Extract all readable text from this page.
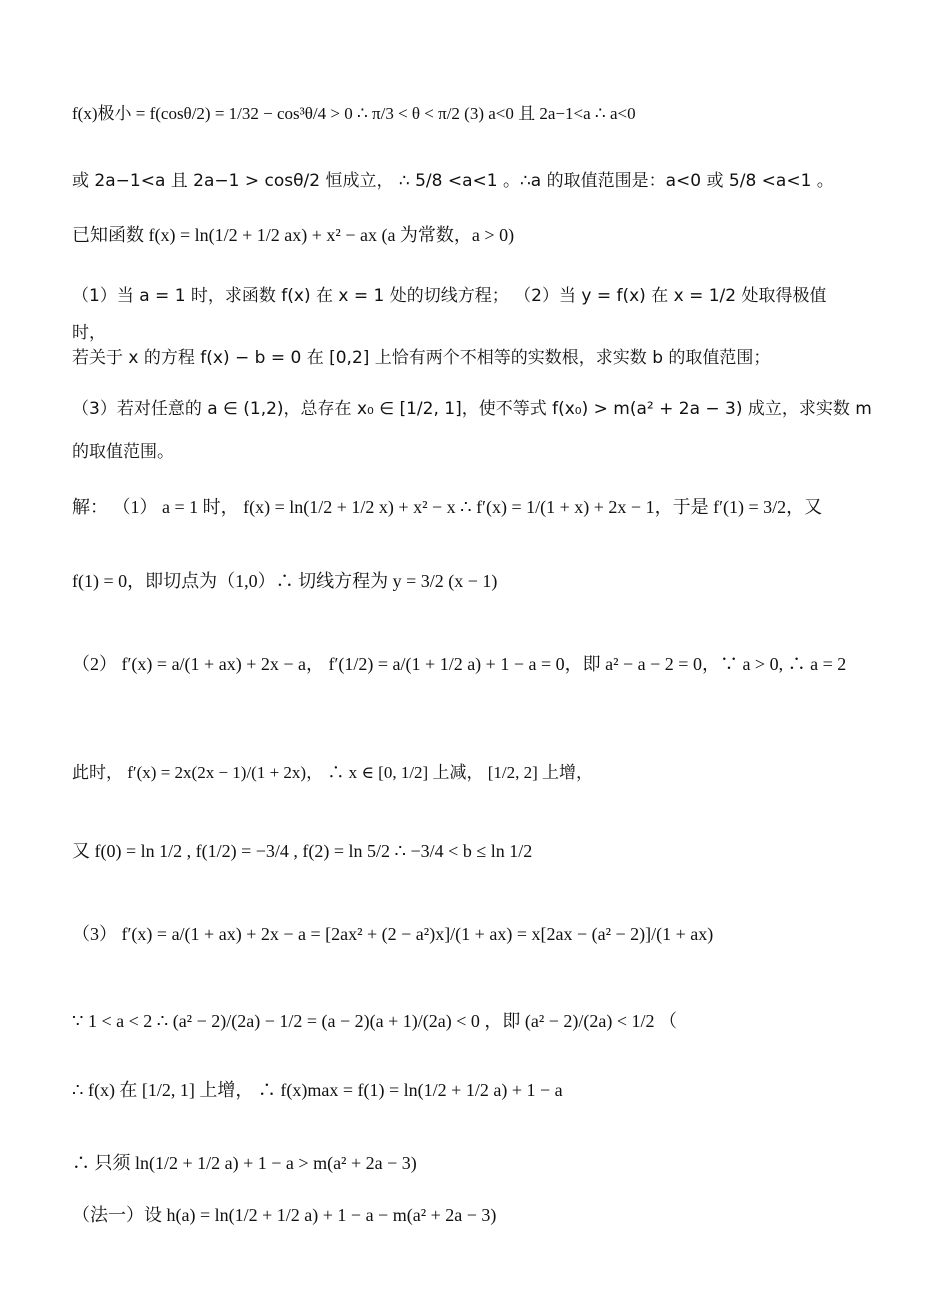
f(x)极小 = f(cosθ/2) = 1/32 − cos³θ/4 > 0 ∴ π/3 < θ < π/2 (3) a<0 且 2a−1<a ∴ a<0
或 2a−1<a 且 2a−1 > cosθ/2 恒成立， ∴ 5/8 <a<1 。∴a 的取值范围是：a<0 或 5/8 <a<1 。
已知函数 f(x) = ln(1/2 + 1/2 ax) + x² − ax (a 为常数，a > 0)
（1）当 a = 1 时，求函数 f(x) 在 x = 1 处的切线方程； （2）当 y = f(x) 在 x = 1/2 处取得极值
时，
若关于 x 的方程 f(x) − b = 0 在 [0,2] 上恰有两个不相等的实数根，求实数 b 的取值范围；
（3）若对任意的 a ∈ (1,2)，总存在 x₀ ∈ [1/2, 1]，使不等式 f(x₀) > m(a² + 2a − 3) 成立，求实数 m
的取值范围。
解： （1） a = 1 时， f(x) = ln(1/2 + 1/2 x) + x² − x ∴ f′(x) = 1/(1 + x) + 2x − 1，于是 f′(1) = 3/2，又
f(1) = 0，即切点为（1,0）∴ 切线方程为 y = 3/2 (x − 1)
（2） f′(x) = a/(1 + ax) + 2x − a， f′(1/2) = a/(1 + 1/2 a) + 1 − a = 0，即 a² − a − 2 = 0，∵ a > 0, ∴ a = 2
此时， f′(x) = 2x(2x − 1)/(1 + 2x)， ∴ x ∈ [0, 1/2] 上减， [1/2, 2] 上增，
又 f(0) = ln 1/2 , f(1/2) = −3/4 , f(2) = ln 5/2 ∴ −3/4 < b ≤ ln 1/2
（3） f′(x) = a/(1 + ax) + 2x − a = [2ax² + (2 − a²)x]/(1 + ax) = x[2ax − (a² − 2)]/(1 + ax)
∵ 1 < a < 2 ∴ (a² − 2)/(2a) − 1/2 = (a − 2)(a + 1)/(2a) < 0 ，即 (a² − 2)/(2a) < 1/2 （
∴ f(x) 在 [1/2, 1] 上增， ∴ f(x)max = f(1) = ln(1/2 + 1/2 a) + 1 − a
∴ 只须 ln(1/2 + 1/2 a) + 1 − a > m(a² + 2a − 3)
（法一）设 h(a) = ln(1/2 + 1/2 a) + 1 − a − m(a² + 2a − 3)
